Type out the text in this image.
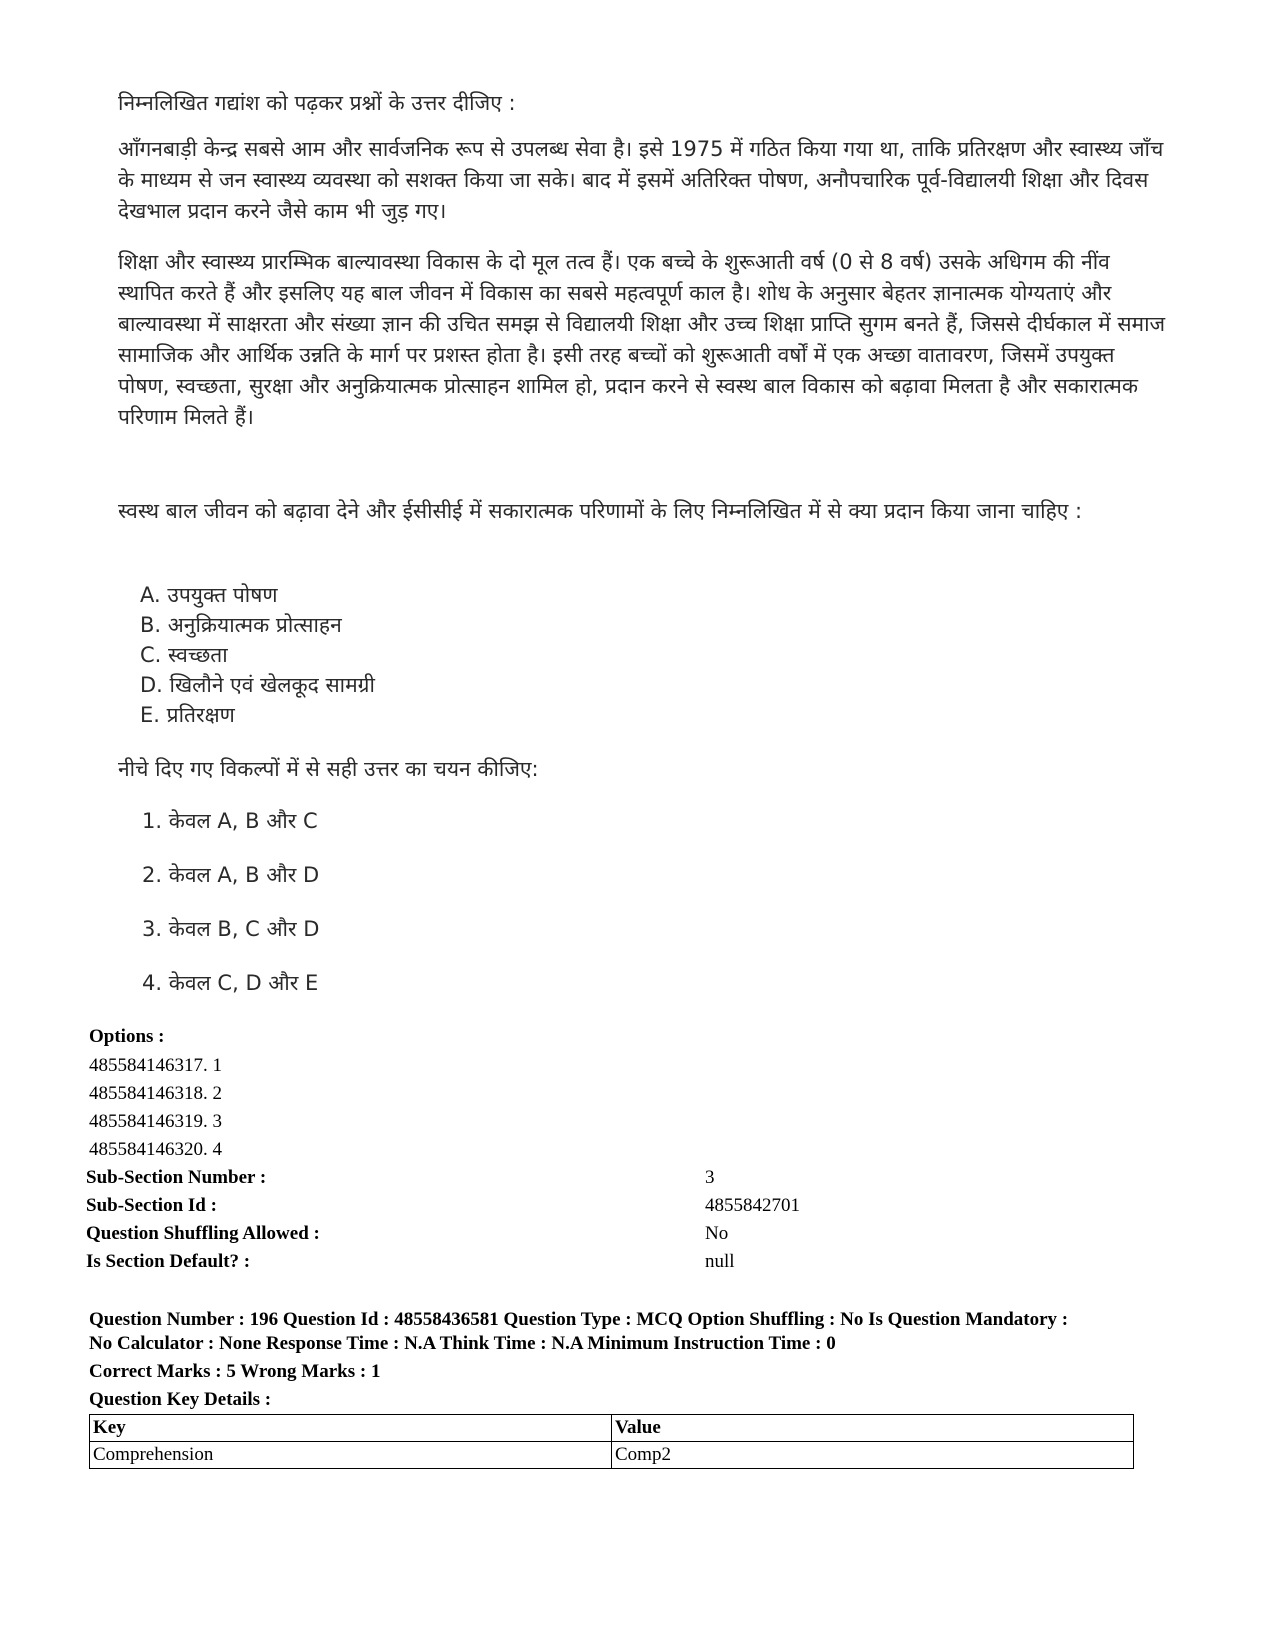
निम्नलिखित गद्यांश को पढ़कर प्रश्नों के उत्तर दीजिए :
आँगनबाड़ी केन्द्र सबसे आम और सार्वजनिक रूप से उपलब्ध सेवा है। इसे 1975 में गठित किया गया था, ताकि प्रतिरक्षण और स्वास्थ्य जाँच के माध्यम से जन स्वास्थ्य व्यवस्था को सशक्त किया जा सके। बाद में इसमें अतिरिक्त पोषण, अनौपचारिक पूर्व-विद्यालयी शिक्षा और दिवस देखभाल प्रदान करने जैसे काम भी जुड़ गए।
शिक्षा और स्वास्थ्य प्रारम्भिक बाल्यावस्था विकास के दो मूल तत्व हैं। एक बच्चे के शुरूआती वर्ष (0 से 8 वर्ष) उसके अधिगम की नींव स्थापित करते हैं और इसलिए यह बाल जीवन में विकास का सबसे महत्वपूर्ण काल है। शोध के अनुसार बेहतर ज्ञानात्मक योग्यताएं और बाल्यावस्था में साक्षरता और संख्या ज्ञान की उचित समझ से विद्यालयी शिक्षा और उच्च शिक्षा प्राप्ति सुगम बनते हैं, जिससे दीर्घकाल में समाज सामाजिक और आर्थिक उन्नति के मार्ग पर प्रशस्त होता है। इसी तरह बच्चों को शुरूआती वर्षों में एक अच्छा वातावरण, जिसमें उपयुक्त पोषण, स्वच्छता, सुरक्षा और अनुक्रियात्मक प्रोत्साहन शामिल हो, प्रदान करने से स्वस्थ बाल विकास को बढ़ावा मिलता है और सकारात्मक परिणाम मिलते हैं।
स्वस्थ बाल जीवन को बढ़ावा देने और ईसीसीई में सकारात्मक परिणामों के लिए निम्नलिखित में से क्या प्रदान किया जाना चाहिए :
A. उपयुक्त पोषण
B. अनुक्रियात्मक प्रोत्साहन
C. स्वच्छता
D. खिलौने एवं खेलकूद सामग्री
E. प्रतिरक्षण
नीचे दिए गए विकल्पों में से सही उत्तर का चयन कीजिए:
1. केवल A, B और C
2. केवल A, B और D
3. केवल B, C और D
4. केवल C, D और E
Options :
485584146317. 1
485584146318. 2
485584146319. 3
485584146320. 4
Sub-Section Number :	3
Sub-Section Id :	4855842701
Question Shuffling Allowed :	No
Is Section Default? :	null
Question Number : 196 Question Id : 48558436581 Question Type : MCQ Option Shuffling : No Is Question Mandatory :
No Calculator : None Response Time : N.A Think Time : N.A Minimum Instruction Time : 0
Correct Marks : 5 Wrong Marks : 1
Question Key Details :
Key	Value
Comprehension	Comp2
